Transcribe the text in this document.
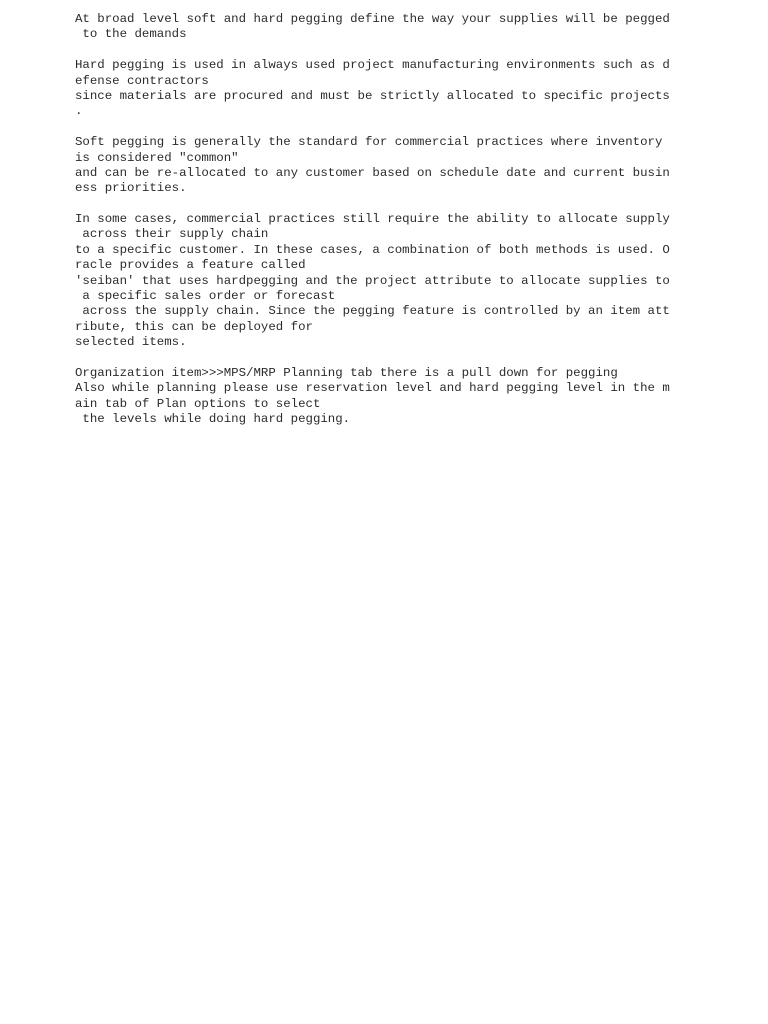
At broad level soft and hard pegging define the way your supplies will be pegged
to the demands
Hard pegging is used in always used project manufacturing environments such as d
efense contractors
since materials are procured and must be strictly allocated to specific projects
.
Soft pegging is generally the standard for commercial practices where inventory
is considered "common"
and can be re-allocated to any customer based on schedule date and current busin
ess priorities.
In some cases, commercial practices still require the ability to allocate supply
across their supply chain
to a specific customer. In these cases, a combination of both methods is used. O
racle provides a feature called
'seiban' that uses hardpegging and the project attribute to allocate supplies to
a specific sales order or forecast
across the supply chain. Since the pegging feature is controlled by an item att
ribute, this can be deployed for
selected items.
Organization item>>>MPS/MRP Planning tab there is a pull down for pegging
Also while planning please use reservation level and hard pegging level in the m
ain tab of Plan options to select
the levels while doing hard pegging.
